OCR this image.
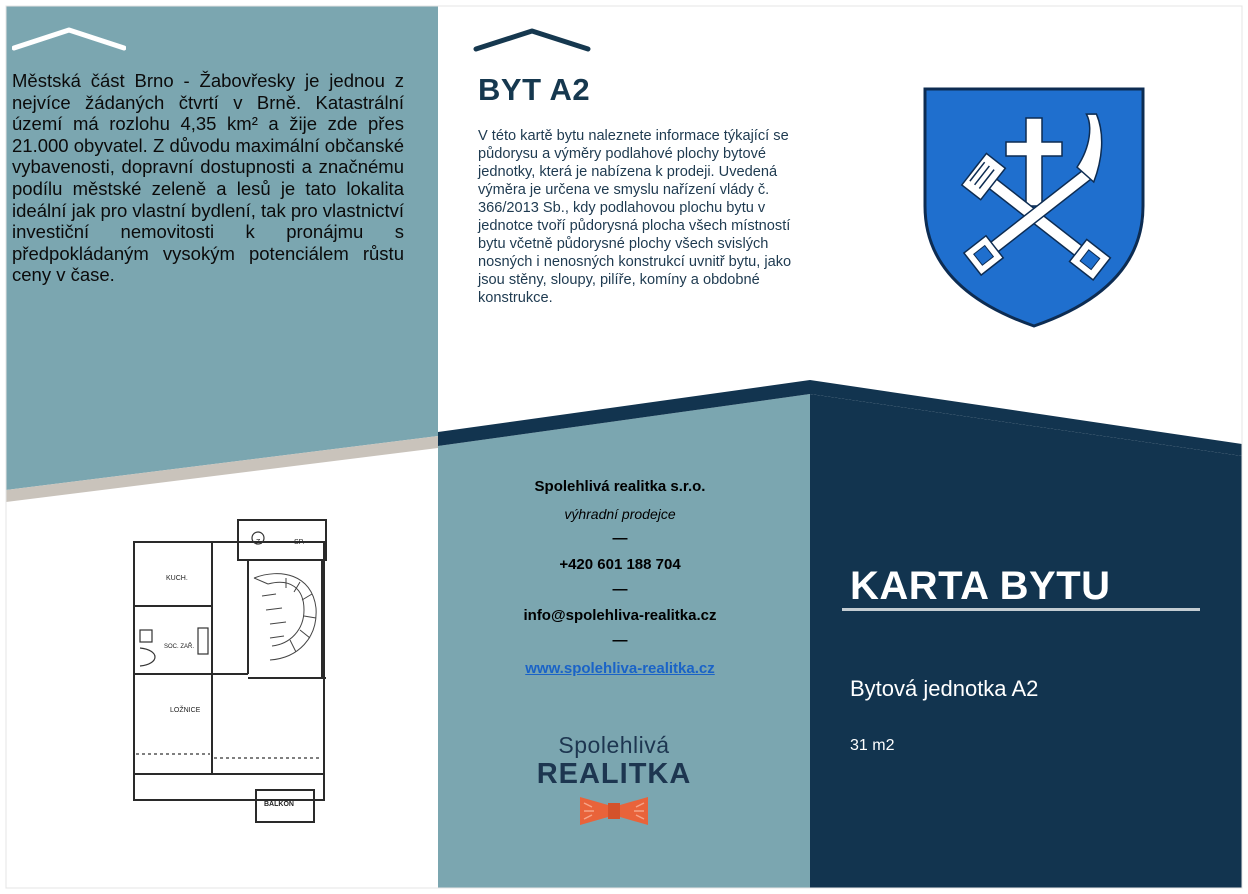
Městská část Brno - Žabovřesky je jednou z nejvíce žádaných čtvrtí v Brně. Katastrální území má rozlohu 4,35 km² a žije zde přes 21.000 obyvatel. Z důvodu maximální občanské vybavenosti, dopravní dostupnosti a značnému podílu městské zeleně a lesů je tato lokalita ideální jak pro vlastní bydlení, tak pro vlastnictví investiční nemovitosti k pronájmu s předpokládaným vysokým potenciálem růstu ceny v čase.

BYT A2

V této kartě bytu naleznete informace týkající se půdorysu a výměry podlahové plochy bytové jednotky, která je nabízena k prodeji. Uvedená výměra je určena ve smyslu nařízení vlády č. 366/2013 Sb., kdy podlahovou plochu bytu v jednotce tvoří půdorysná plocha všech místností bytu včetně půdorysné plochy všech svislých nosných i nenosných konstrukcí uvnitř bytu, jako jsou stěny, sloupy, pilíře, komíny a obdobné konstrukce.

Z.	SP.
KUCH.
SOC. ZAŘ.
LOŽNICE
BALKON

Spolehlivá realitka s.r.o.

výhradní prodejce

—

+420 601 188 704

—

info@spolehliva-realitka.cz

—

www.spolehliva-realitka.cz

Spolehlivá

REALITKA

KARTA BYTU

Bytová jednotka A2

31 m2
